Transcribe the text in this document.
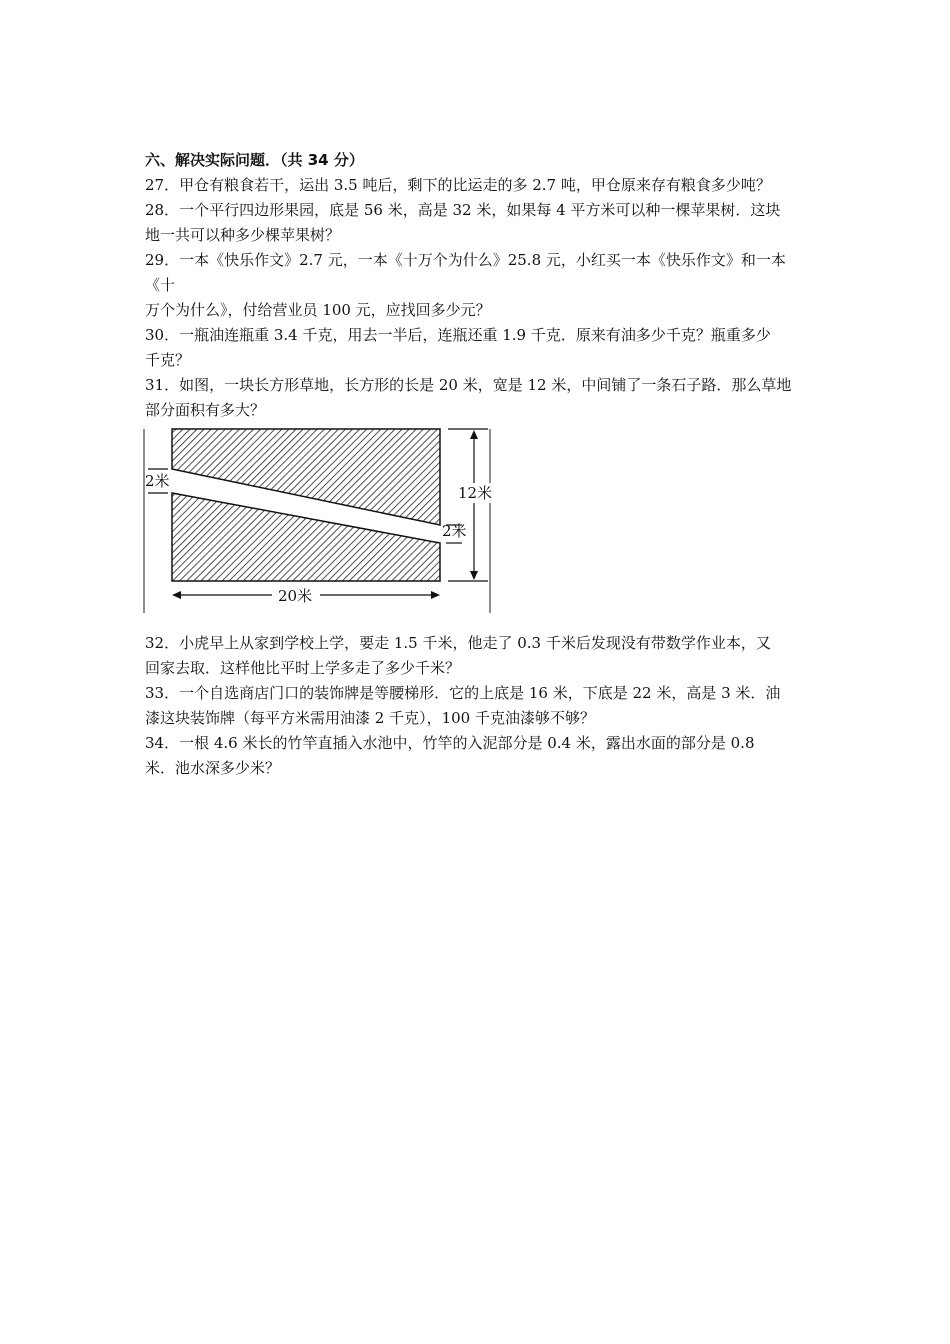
六、解决实际问题．（共 34 分）

27．甲仓有粮食若干，运出 3.5 吨后，剩下的比运走的多 2.7 吨，甲仓原来存有粮食多少吨？

28．一个平行四边形果园，底是 56 米，高是 32 米，如果每 4 平方米可以种一棵苹果树．这块
地一共可以种多少棵苹果树？

29．一本《快乐作文》2.7 元，一本《十万个为什么》25.8 元，小红买一本《快乐作文》和一本《十
万个为什么》，付给营业员 100 元，应找回多少元？

30．一瓶油连瓶重 3.4 千克，用去一半后，连瓶还重 1.9 千克．原来有油多少千克？瓶重多少
千克？

31．如图，一块长方形草地，长方形的长是 20 米，宽是 12 米，中间铺了一条石子路．那么草地
部分面积有多大？

2米
12米
2米
20米

32．小虎早上从家到学校上学，要走 1.5 千米，他走了 0.3 千米后发现没有带数学作业本，又
回家去取．这样他比平时上学多走了多少千米？

33．一个自选商店门口的装饰牌是等腰梯形．它的上底是 16 米，下底是 22 米，高是 3 米．油
漆这块装饰牌（每平方米需用油漆 2 千克），100 千克油漆够不够？

34．一根 4.6 米长的竹竿直插入水池中，竹竿的入泥部分是 0.4 米，露出水面的部分是 0.8
米．池水深多少米？
